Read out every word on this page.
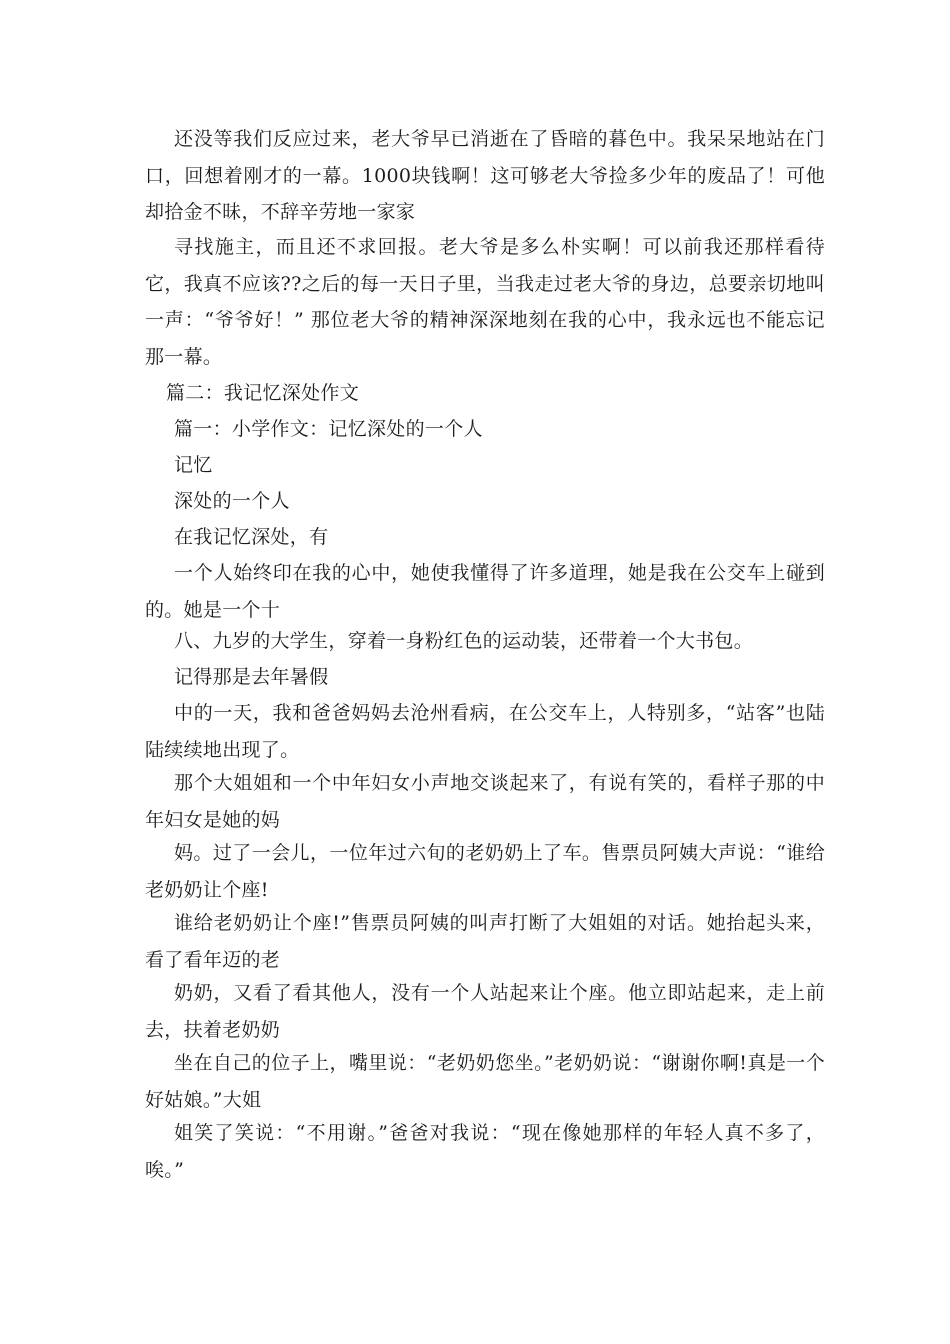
还没等我们反应过来，老大爷早已消逝在了昏暗的暮色中。我呆呆地站在门口，回想着刚才的一幕。1000块钱啊！这可够老大爷捡多少年的废品了！可他却拾金不昧，不辞辛劳地一家家

寻找施主，而且还不求回报。老大爷是多么朴实啊！可以前我还那样看待它，我真不应该??之后的每一天日子里，当我走过老大爷的身边，总要亲切地叫一声：“爷爷好！” 那位老大爷的精神深深地刻在我的心中，我永远也不能忘记那一幕。

篇二：我记忆深处作文

篇一：小学作文：记忆深处的一个人

记忆

深处的一个人

在我记忆深处，有

一个人始终印在我的心中，她使我懂得了许多道理，她是我在公交车上碰到的。她是一个十

八、九岁的大学生，穿着一身粉红色的运动装，还带着一个大书包。

记得那是去年暑假

中的一天，我和爸爸妈妈去沧州看病，在公交车上，人特别多，“站客”也陆陆续续地出现了。

那个大姐姐和一个中年妇女小声地交谈起来了，有说有笑的，看样子那的中年妇女是她的妈

妈。过了一会儿，一位年过六旬的老奶奶上了车。售票员阿姨大声说：“谁给老奶奶让个座!

谁给老奶奶让个座!”售票员阿姨的叫声打断了大姐姐的对话。她抬起头来，看了看年迈的老

奶奶，又看了看其他人，没有一个人站起来让个座。他立即站起来，走上前去，扶着老奶奶

坐在自己的位子上，嘴里说：“老奶奶您坐。”老奶奶说：“谢谢你啊!真是一个好姑娘。”大姐

姐笑了笑说：“不用谢。”爸爸对我说：“现在像她那样的年轻人真不多了，唉。”
